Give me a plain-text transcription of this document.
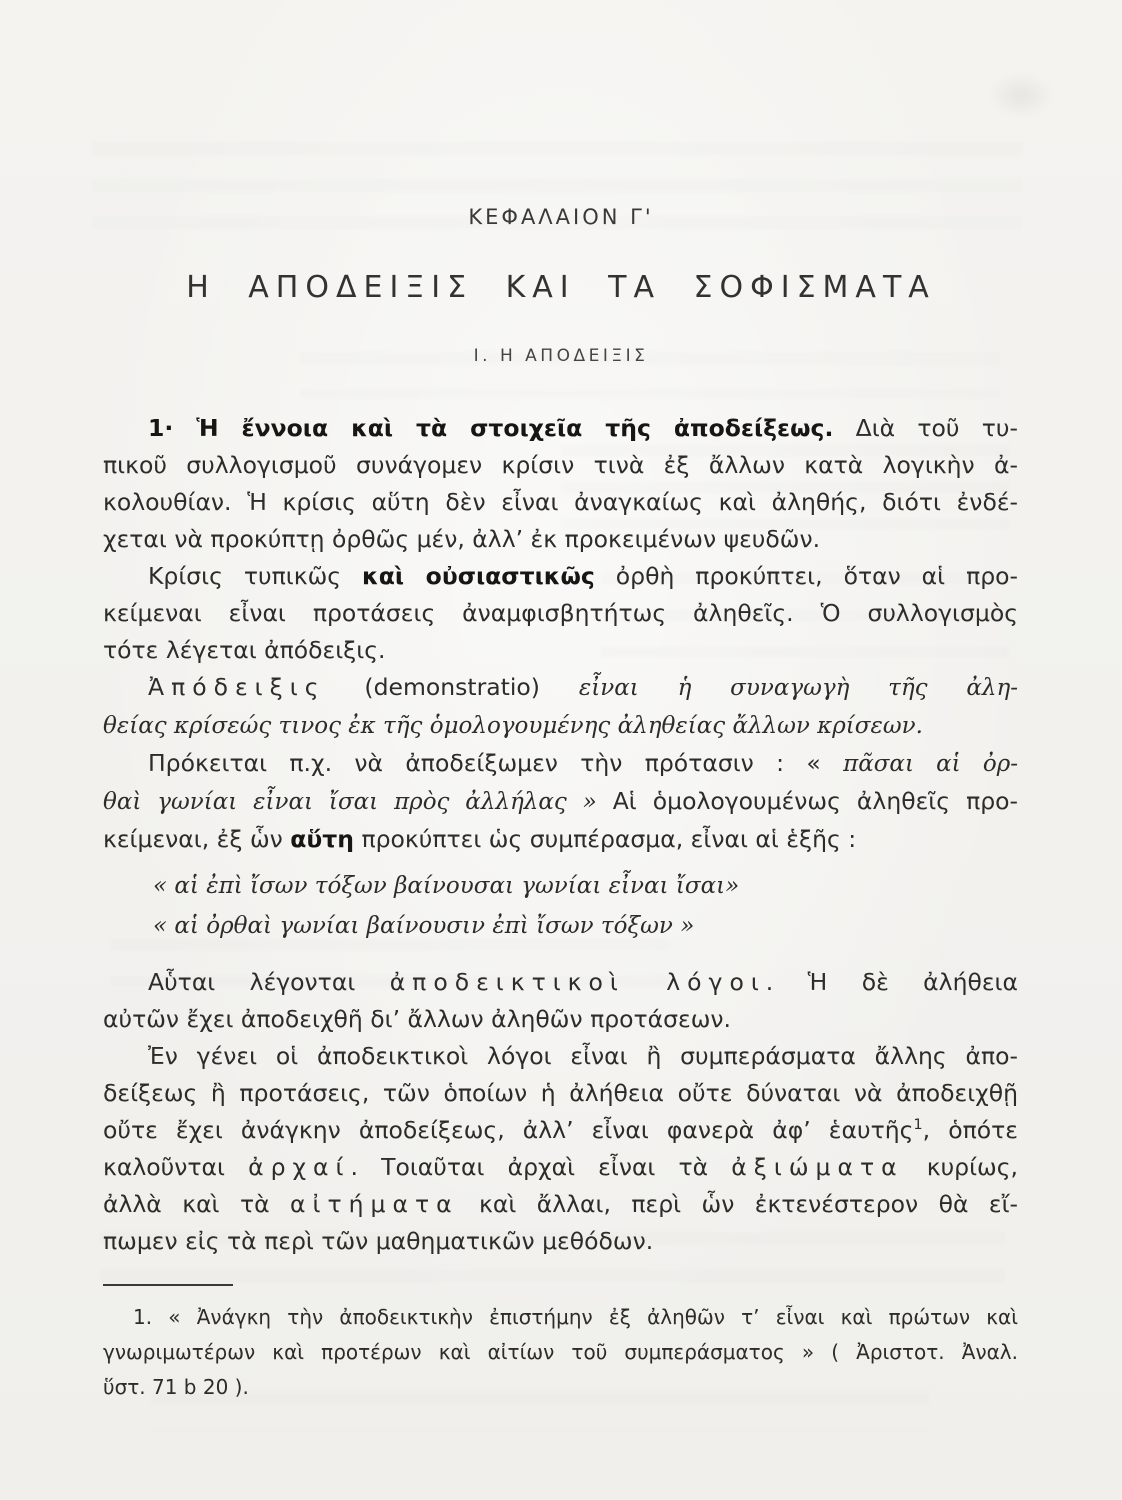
ΚΕΦΑΛΑΙΟΝ Γ'
Η ΑΠΟΔΕΙΞΙΣ ΚΑΙ ΤΑ ΣΟΦΙΣΜΑΤΑ
Ι. Η ΑΠΟΔΕΙΞΙΣ
1· Ἡ ἔννοια καὶ τὰ στοιχεῖα τῆς ἀποδείξεως. Διὰ τοῦ τυ-
πικοῦ συλλογισμοῦ συνάγομεν κρίσιν τινὰ ἐξ ἄλλων κατὰ λογικὴν ἀ-
κολουθίαν. Ἡ κρίσις αὕτη δὲν εἶναι ἀναγκαίως καὶ ἀληθής, διότι ἐνδέ-
χεται νὰ προκύπτῃ ὀρθῶς μέν, ἀλλ’ ἐκ προκειμένων ψευδῶν.
Κρίσις τυπικῶς καὶ οὐσιαστικῶς ὀρθὴ προκύπτει, ὅταν αἱ προ-
κείμεναι εἶναι προτάσεις ἀναμφισβητήτως ἀληθεῖς. Ὁ συλλογισμὸς
τότε λέγεται ἀπόδειξις.
Ἀπόδειξις (demonstratio) εἶναι ἡ συναγωγὴ τῆς ἀλη-
θείας κρίσεώς τινος ἐκ τῆς ὁμολογουμένης ἀληθείας ἄλλων κρίσεων.
Πρόκειται π.χ. νὰ ἀποδείξωμεν τὴν πρότασιν : « πᾶσαι αἱ ὀρ-
θαὶ γωνίαι εἶναι ἴσαι πρὸς ἀλλήλας » Αἱ ὁμολογουμένως ἀληθεῖς προ-
κείμεναι, ἐξ ὧν αὕτη προκύπτει ὡς συμπέρασμα, εἶναι αἱ ἑξῆς :
« αἱ ἐπὶ ἴσων τόξων βαίνουσαι γωνίαι εἶναι ἴσαι»
« αἱ ὀρθαὶ γωνίαι βαίνουσιν ἐπὶ ἴσων τόξων »
Αὗται λέγονται ἀποδεικτικοὶ λόγοι. Ἡ δὲ ἀλήθεια
αὐτῶν ἔχει ἀποδειχθῆ δι’ ἄλλων ἀληθῶν προτάσεων.
Ἐν γένει οἱ ἀποδεικτικοὶ λόγοι εἶναι ἢ συμπεράσματα ἄλλης ἀπο-
δείξεως ἢ προτάσεις, τῶν ὁποίων ἡ ἀλήθεια οὔτε δύναται νὰ ἀποδειχθῇ
οὔτε ἔχει ἀνάγκην ἀποδείξεως, ἀλλ’ εἶναι φανερὰ ἀφ’ ἑαυτῆς$^1$, ὁπότε
καλοῦνται ἀρχαί. Τοιαῦται ἀρχαὶ εἶναι τὰ ἀξιώματα κυρίως,
ἀλλὰ καὶ τὰ αἰτήματα καὶ ἄλλαι, περὶ ὧν ἐκτενέστερον θὰ εἴ-
πωμεν εἰς τὰ περὶ τῶν μαθηματικῶν μεθόδων.
1. « Ἀνάγκη τὴν ἀποδεικτικὴν ἐπιστήμην ἐξ ἀληθῶν τ’ εἶναι καὶ πρώτων καὶ
γνωριμωτέρων καὶ προτέρων καὶ αἰτίων τοῦ συμπεράσματος » ( Ἀριστοτ. Ἀναλ.
ὕστ. 71 b 20 ).
